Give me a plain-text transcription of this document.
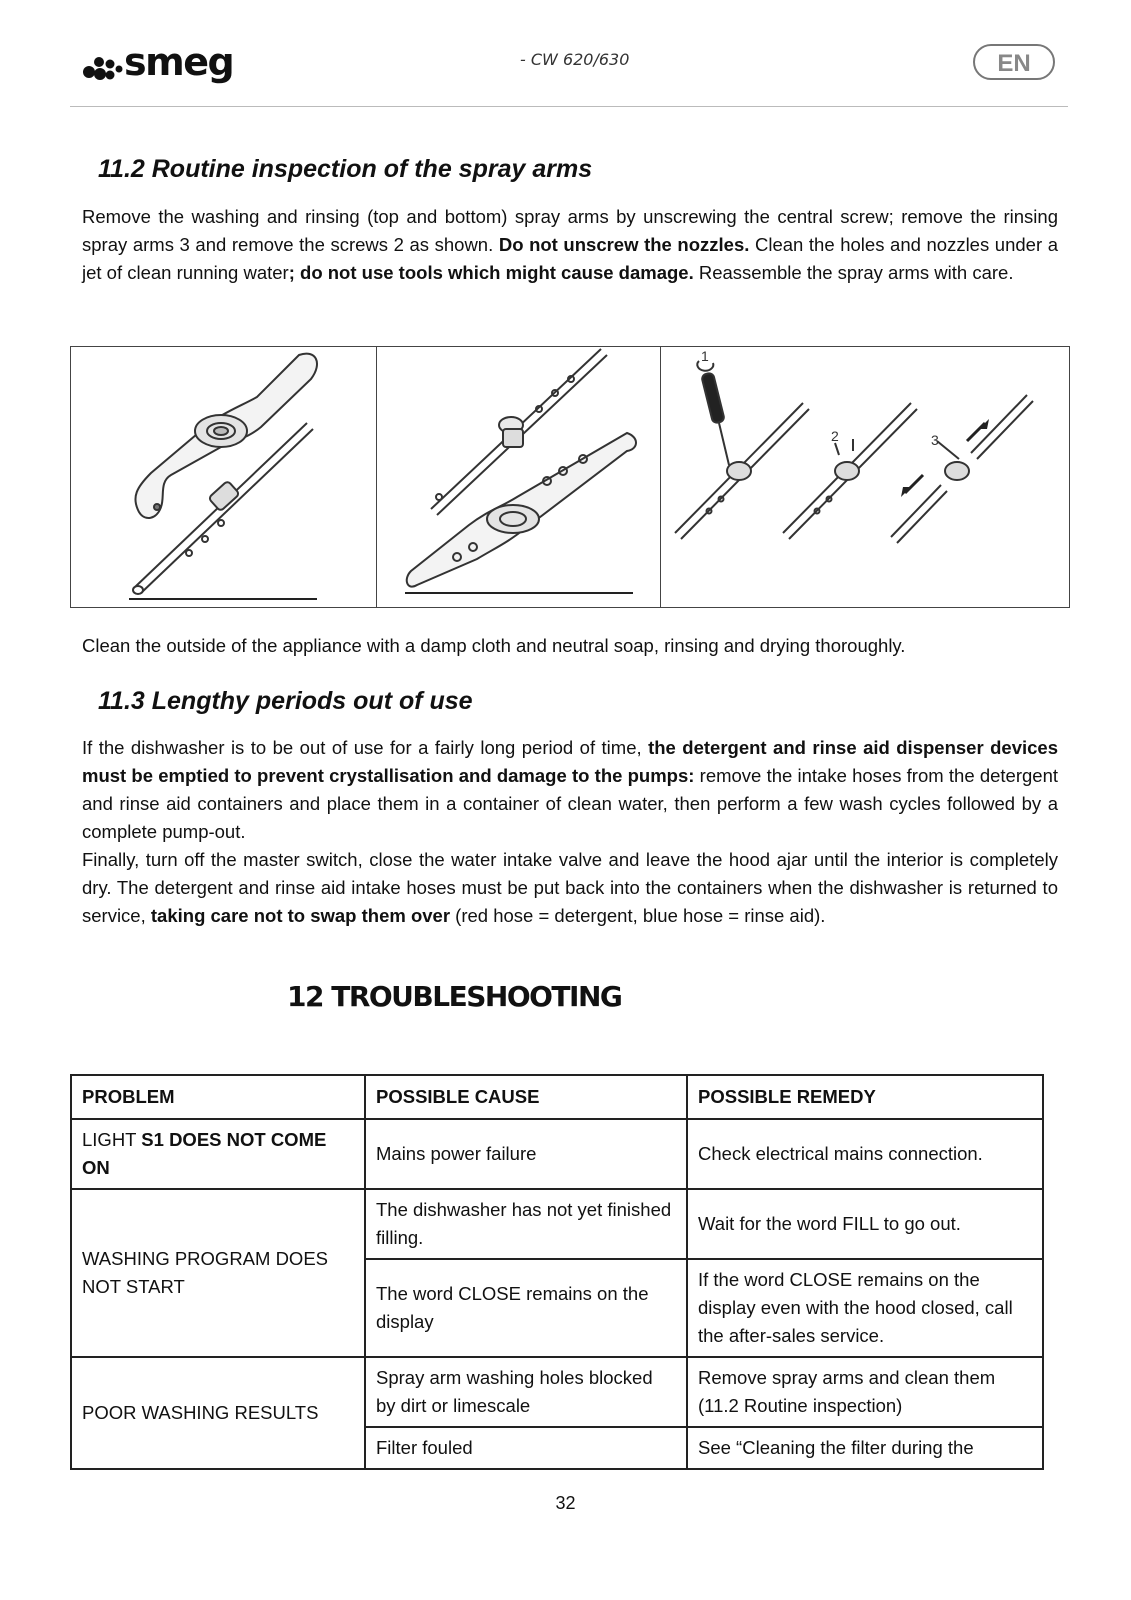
smeg	- CW 620/630	EN
11.2 Routine inspection of the spray arms
Remove the washing and rinsing (top and bottom) spray arms by unscrewing the central screw; remove the rinsing spray arms 3 and remove the screws 2 as shown. Do not unscrew the nozzles. Clean the holes and nozzles under a jet of clean running water; do not use tools which might cause damage. Reassemble the spray arms with care.
1
2	3
Clean the outside of the appliance with a damp cloth and neutral soap, rinsing and drying thoroughly.
11.3 Lengthy periods out of use
If the dishwasher is to be out of use for a fairly long period of time, the detergent and rinse aid dispenser devices must be emptied to prevent crystallisation and damage to the pumps: remove the intake hoses from the detergent and rinse aid containers and place them in a container of clean water, then perform a few wash cycles followed by a complete pump-out.
Finally, turn off the master switch, close the water intake valve and leave the hood ajar until the interior is completely dry. The detergent and rinse aid intake hoses must be put back into the containers when the dishwasher is returned to service, taking care not to swap them over (red hose = detergent, blue hose = rinse aid).
12 TROUBLESHOOTING
PROBLEM	POSSIBLE CAUSE	POSSIBLE REMEDY
LIGHT S1 DOES NOT COME ON	Mains power failure	Check electrical mains connection.
WASHING PROGRAM DOES NOT START	The dishwasher has not yet finished filling.	Wait for the word FILL to go out.
	The word CLOSE remains on the display	If the word CLOSE remains on the display even with the hood closed, call the after-sales service.
POOR WASHING RESULTS	Spray arm washing holes blocked by dirt or limescale	Remove spray arms and clean them (11.2 Routine inspection)
	Filter fouled	See “Cleaning the filter during the
32
